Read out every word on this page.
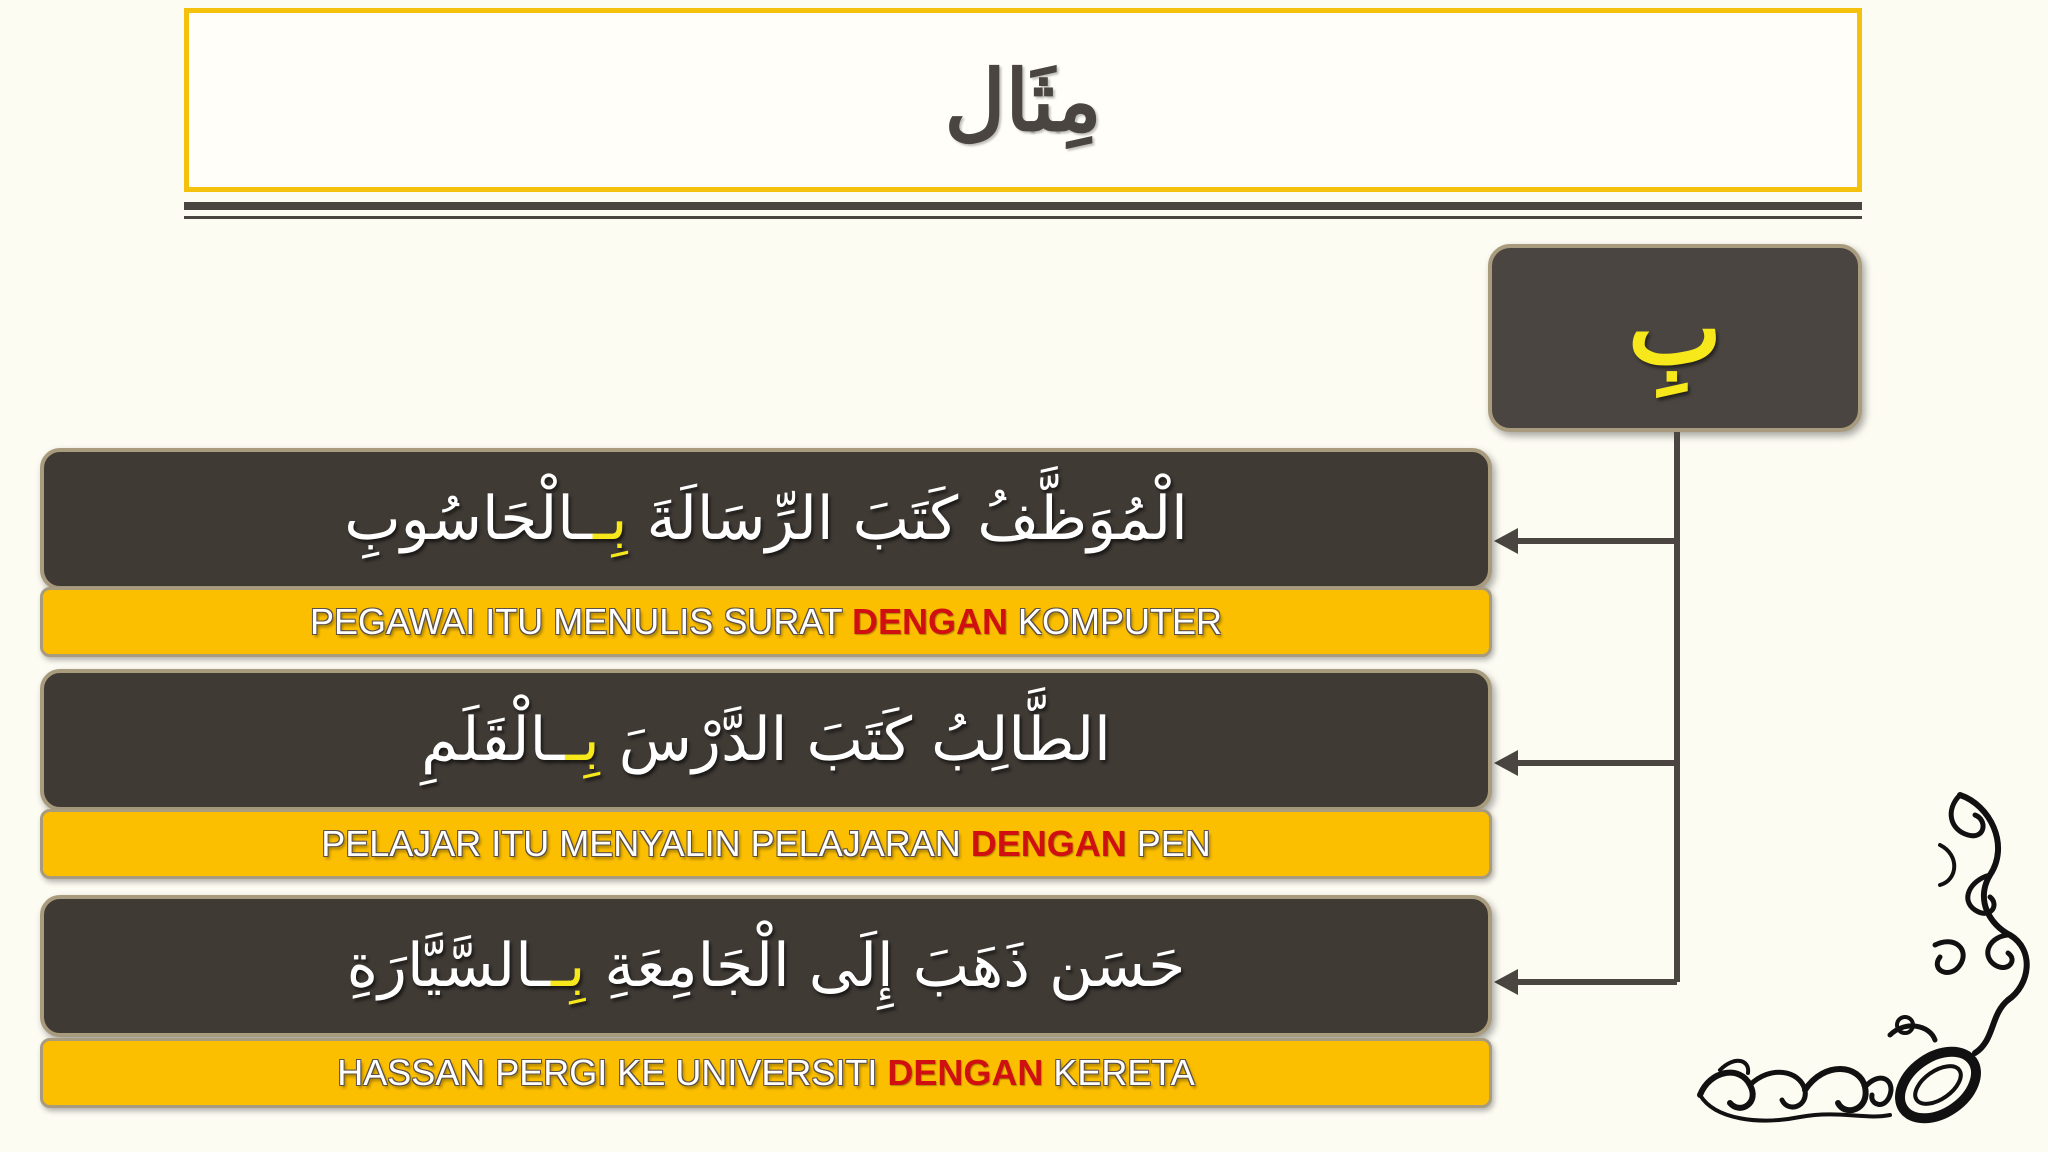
مِثَال
بِ
الْمُوَظَّفُ كَتَبَ الرِّسَالَةَ بِــالْحَاسُوبِ
PEGAWAI ITU MENULIS SURAT DENGAN KOMPUTER
الطَّالِبُ كَتَبَ الدَّرْسَ بِــالْقَلَمِ
PELAJAR ITU MENYALIN PELAJARAN DENGAN PEN
حَسَن ذَهَبَ إِلَى الْجَامِعَةِ بِــالسَّيَّارَةِ
HASSAN PERGI KE UNIVERSITI DENGAN KERETA
